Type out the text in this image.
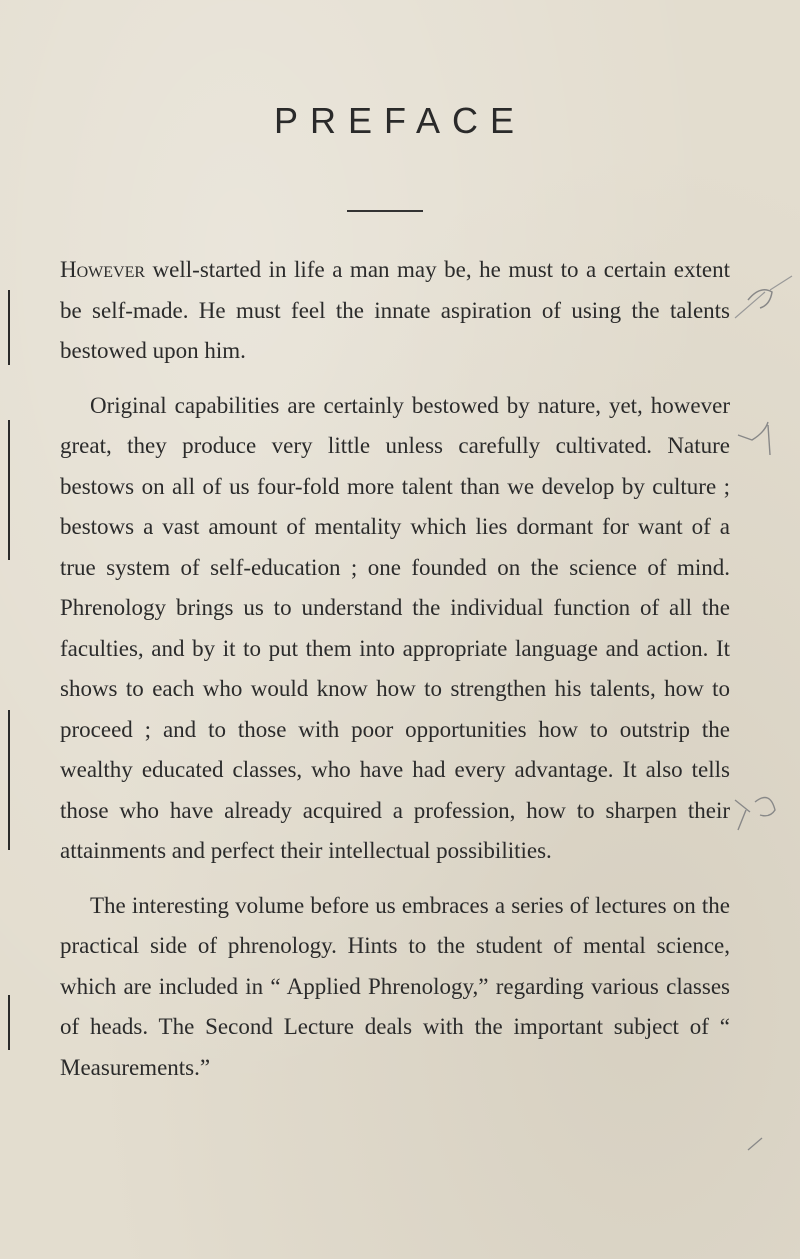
PREFACE

However well-started in life a man may be, he must to a certain extent be self-made. He must feel the innate aspiration of using the talents bestowed upon him.

Original capabilities are certainly bestowed by nature, yet, however great, they produce very little unless carefully cultivated. Nature bestows on all of us four-fold more talent than we develop by culture ; bestows a vast amount of mentality which lies dormant for want of a true system of self-education ; one founded on the science of mind. Phrenology brings us to understand the individual function of all the faculties, and by it to put them into appropriate language and action. It shows to each who would know how to strengthen his talents, how to proceed ; and to those with poor opportunities how to outstrip the wealthy educated classes, who have had every advantage. It also tells those who have already acquired a profession, how to sharpen their attainments and perfect their intellectual possibilities.

The interesting volume before us embraces a series of lectures on the practical side of phrenology. Hints to the student of mental science, which are included in “ Applied Phrenology,” regarding various classes of heads. The Second Lecture deals with the important subject of “ Measurements.”
